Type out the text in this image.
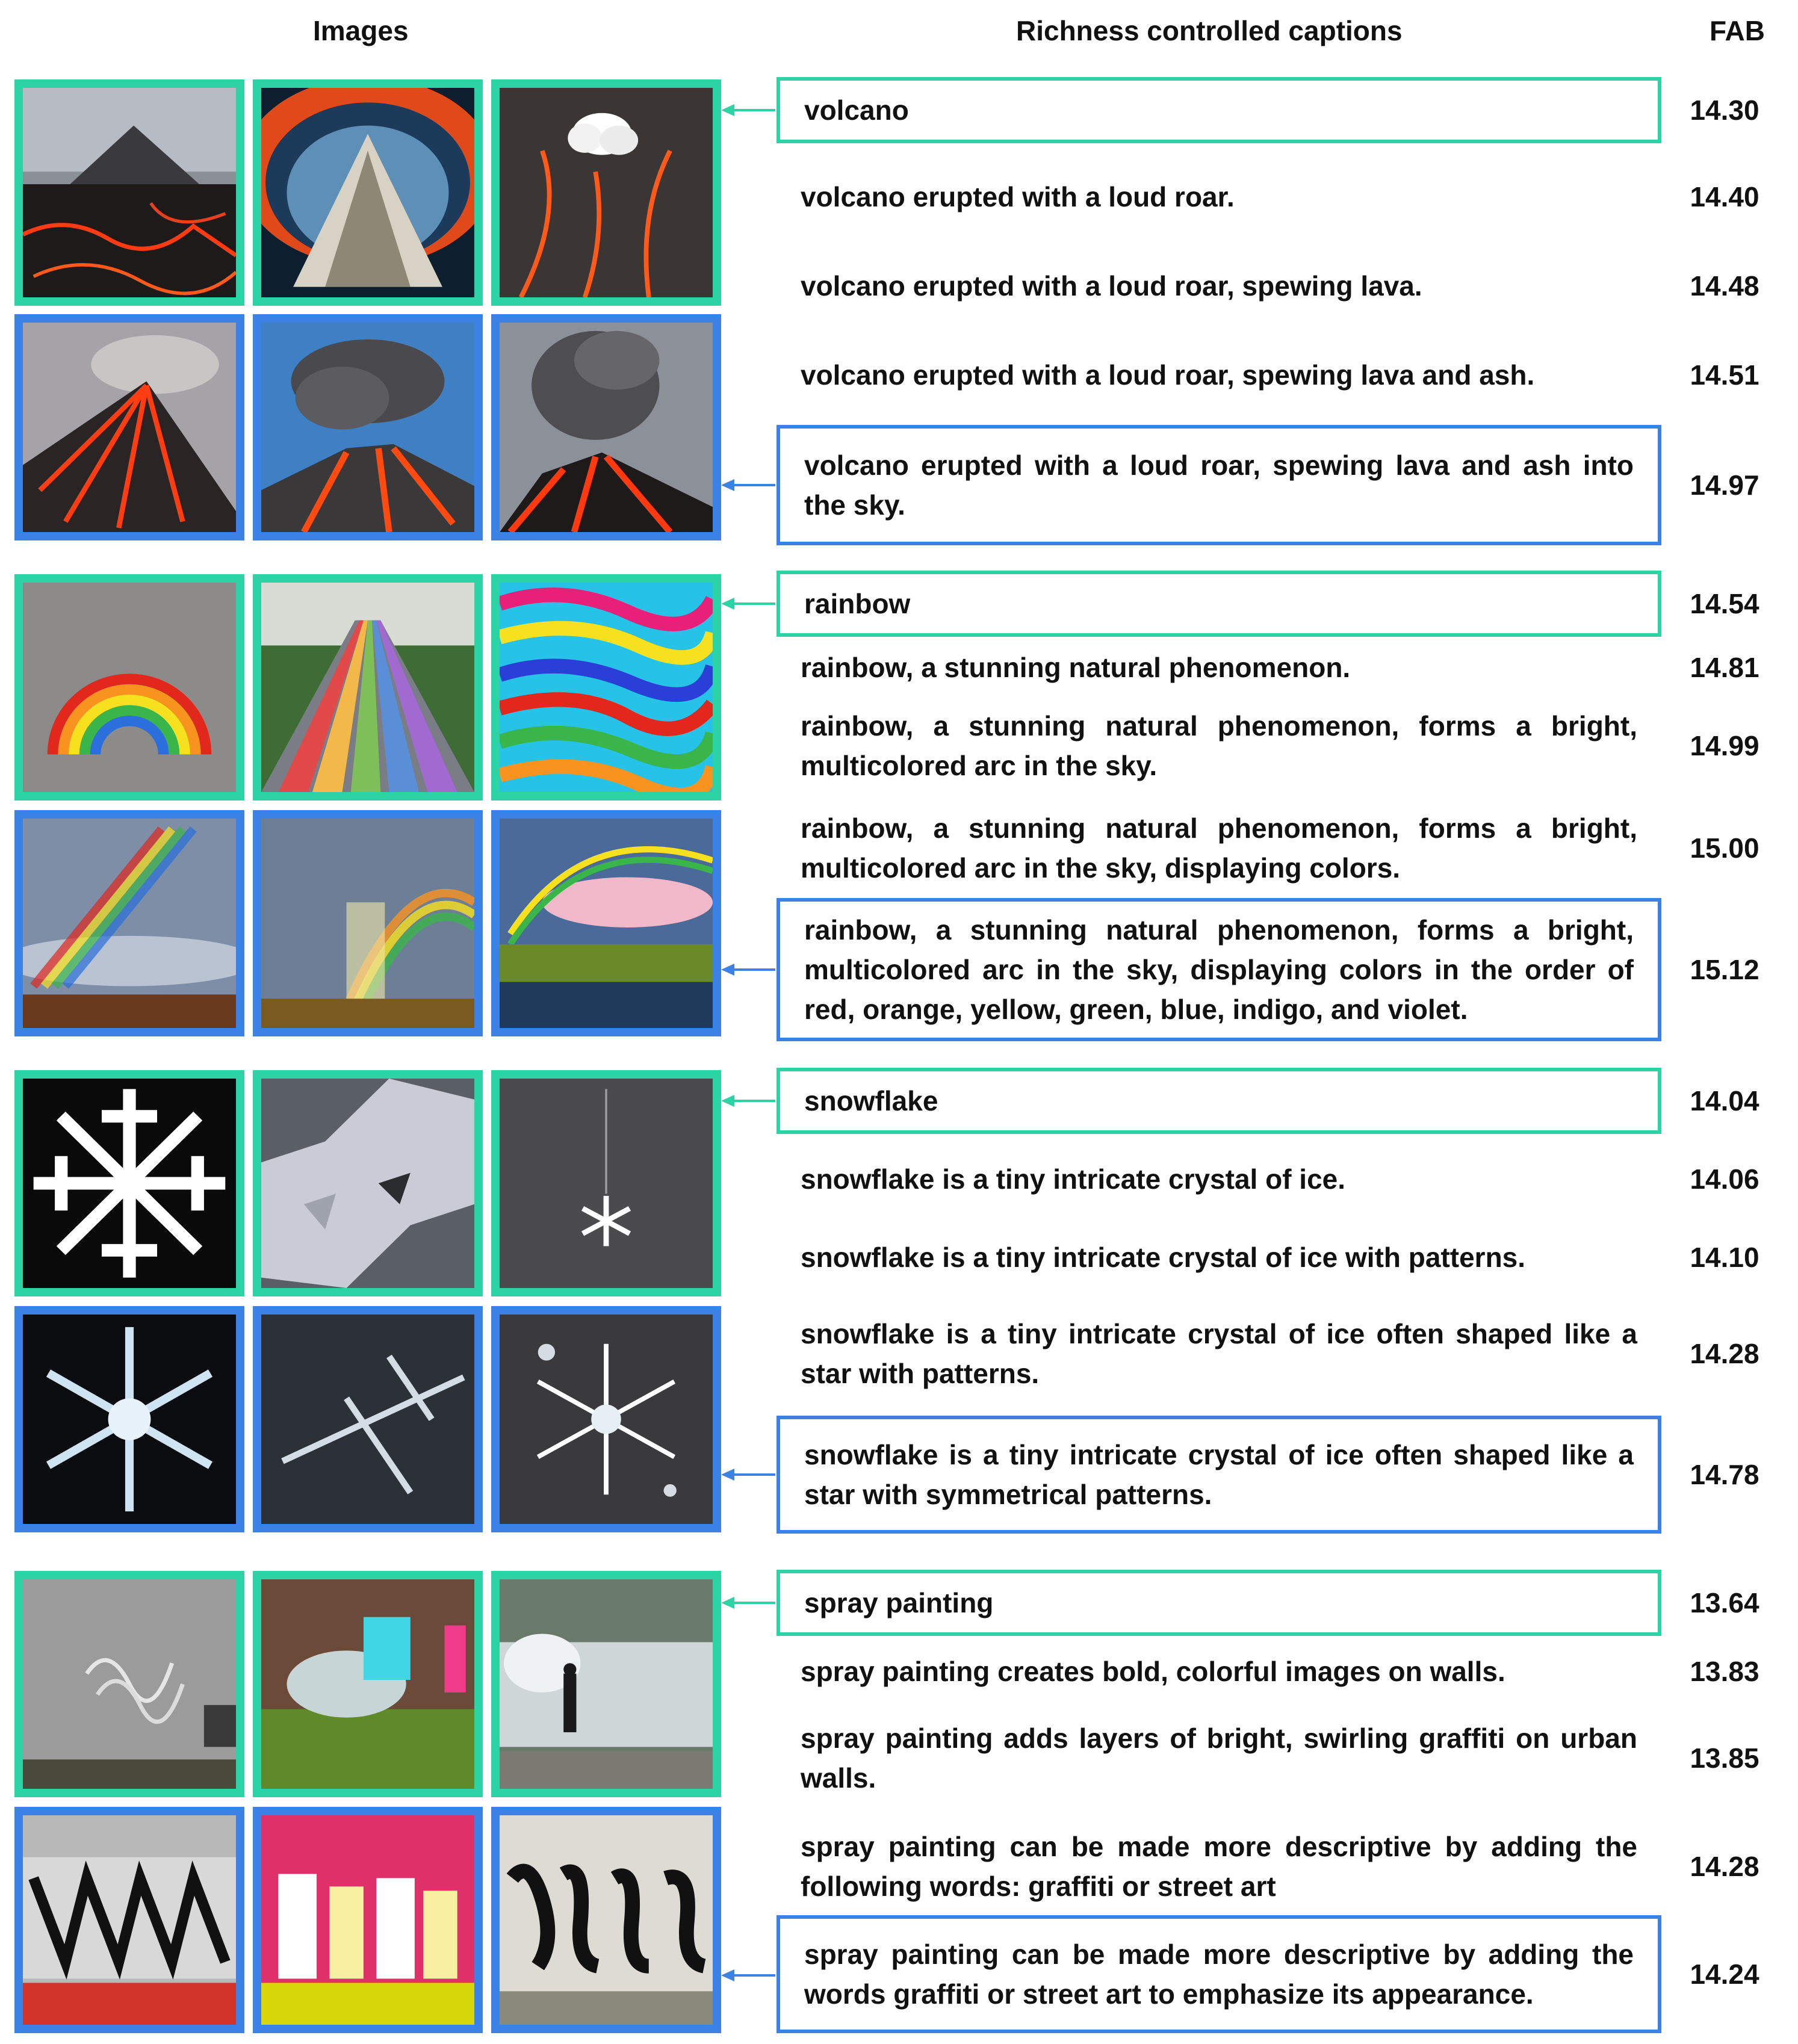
Images	Richness controlled captions	FAB
volcano
volcano erupted with a loud roar.
volcano erupted with a loud roar, spewing lava.
volcano erupted with a loud roar, spewing lava and ash.
volcano erupted with a loud roar, spewing lava and ash into the sky.
rainbow
rainbow, a stunning natural phenomenon.
rainbow, a stunning natural phenomenon, forms a bright, multicolored arc in the sky.
rainbow, a stunning natural phenomenon, forms a bright, multicolored arc in the sky, displaying colors.
rainbow, a stunning natural phenomenon, forms a bright, multicolored arc in the sky, displaying colors in the order of red, orange, yellow, green, blue, indigo, and violet.
snowflake
snowflake is a tiny intricate crystal of ice.
snowflake is a tiny intricate crystal of ice with patterns.
snowflake is a tiny intricate crystal of ice often shaped like a star with patterns.
snowflake is a tiny intricate crystal of ice often shaped like a star with symmetrical patterns.
spray painting
spray painting creates bold, colorful images on walls.
spray painting adds layers of bright, swirling graffiti on urban walls.
spray painting can be made more descriptive by adding the following words: graffiti or street art
spray painting can be made more descriptive by adding the words graffiti or street art to emphasize its appearance.
14.30
14.40
14.48
14.51
14.97
14.54
14.81
14.99
15.00
15.12
14.04
14.06
14.10
14.28
14.78
13.64
13.83
13.85
14.28
14.24
